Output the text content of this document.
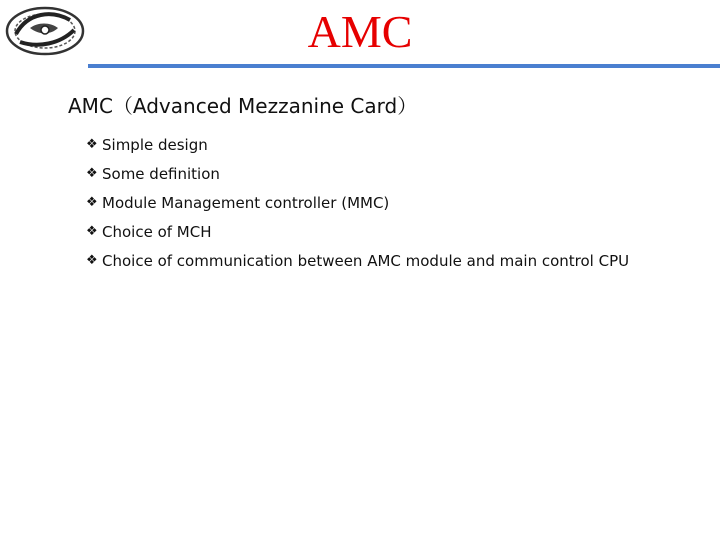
AMC
AMC（Advanced Mezzanine Card）
❖ Simple design
❖ Some definition
❖ Module Management controller (MMC)
❖ Choice of MCH
❖ Choice of communication between AMC module and main control CPU
